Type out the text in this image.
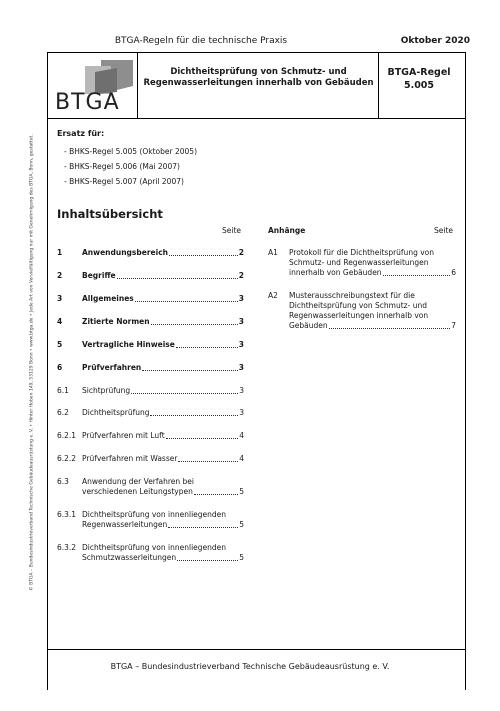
BTGA-Regeln für die technische Praxis	Oktober 2020
BTGA
Dichtheitsprüfung von Schmutz- und
Regenwasserleitungen innerhalb von Gebäuden
BTGA-Regel
5.005
© BTGA – Bundesindustrieverband Technische Gebäudeausrüstung e. V. • Hinter Hoben 149, 53129 Bonn • www.btga.de • Jede Art von Vervielfältigung nur mit Genehmigung des BTGA, Bonn, gestattet.
Ersatz für:
- BHKS-Regel 5.005 (Oktober 2005)
- BHKS-Regel 5.006 (Mai 2007)
- BHKS-Regel 5.007 (April 2007)
Inhaltsübersicht
Seite	Anhänge	Seite
1	Anwendungsbereich	2
2	Begriffe	2
3	Allgemeines	3
4	Zitierte Normen	3
5	Vertragliche Hinweise	3
6	Prüfverfahren	3
6.1 Sichtprüfung	3
6.2 Dichtheitsprüfung	3
6.2.1 Prüfverfahren mit Luft	4
6.2.2 Prüfverfahren mit Wasser	4
6.3 Anwendung der Verfahren bei
verschiedenen Leitungstypen	5
6.3.1 Dichtheitsprüfung von innenliegenden
Regenwasserleitungen	5
6.3.2 Dichtheitsprüfung von innenliegenden
Schmutzwasserleitungen	5
A1 Protokoll für die Dichtheitsprüfung von
Schmutz- und Regenwasserleitungen
innerhalb von Gebäuden	6
A2 Musterausschreibungstext für die
Dichtheitsprüfung von Schmutz- und
Regenwasserleitungen innerhalb von
Gebäuden	7
BTGA – Bundesindustrieverband Technische Gebäudeausrüstung e. V.
